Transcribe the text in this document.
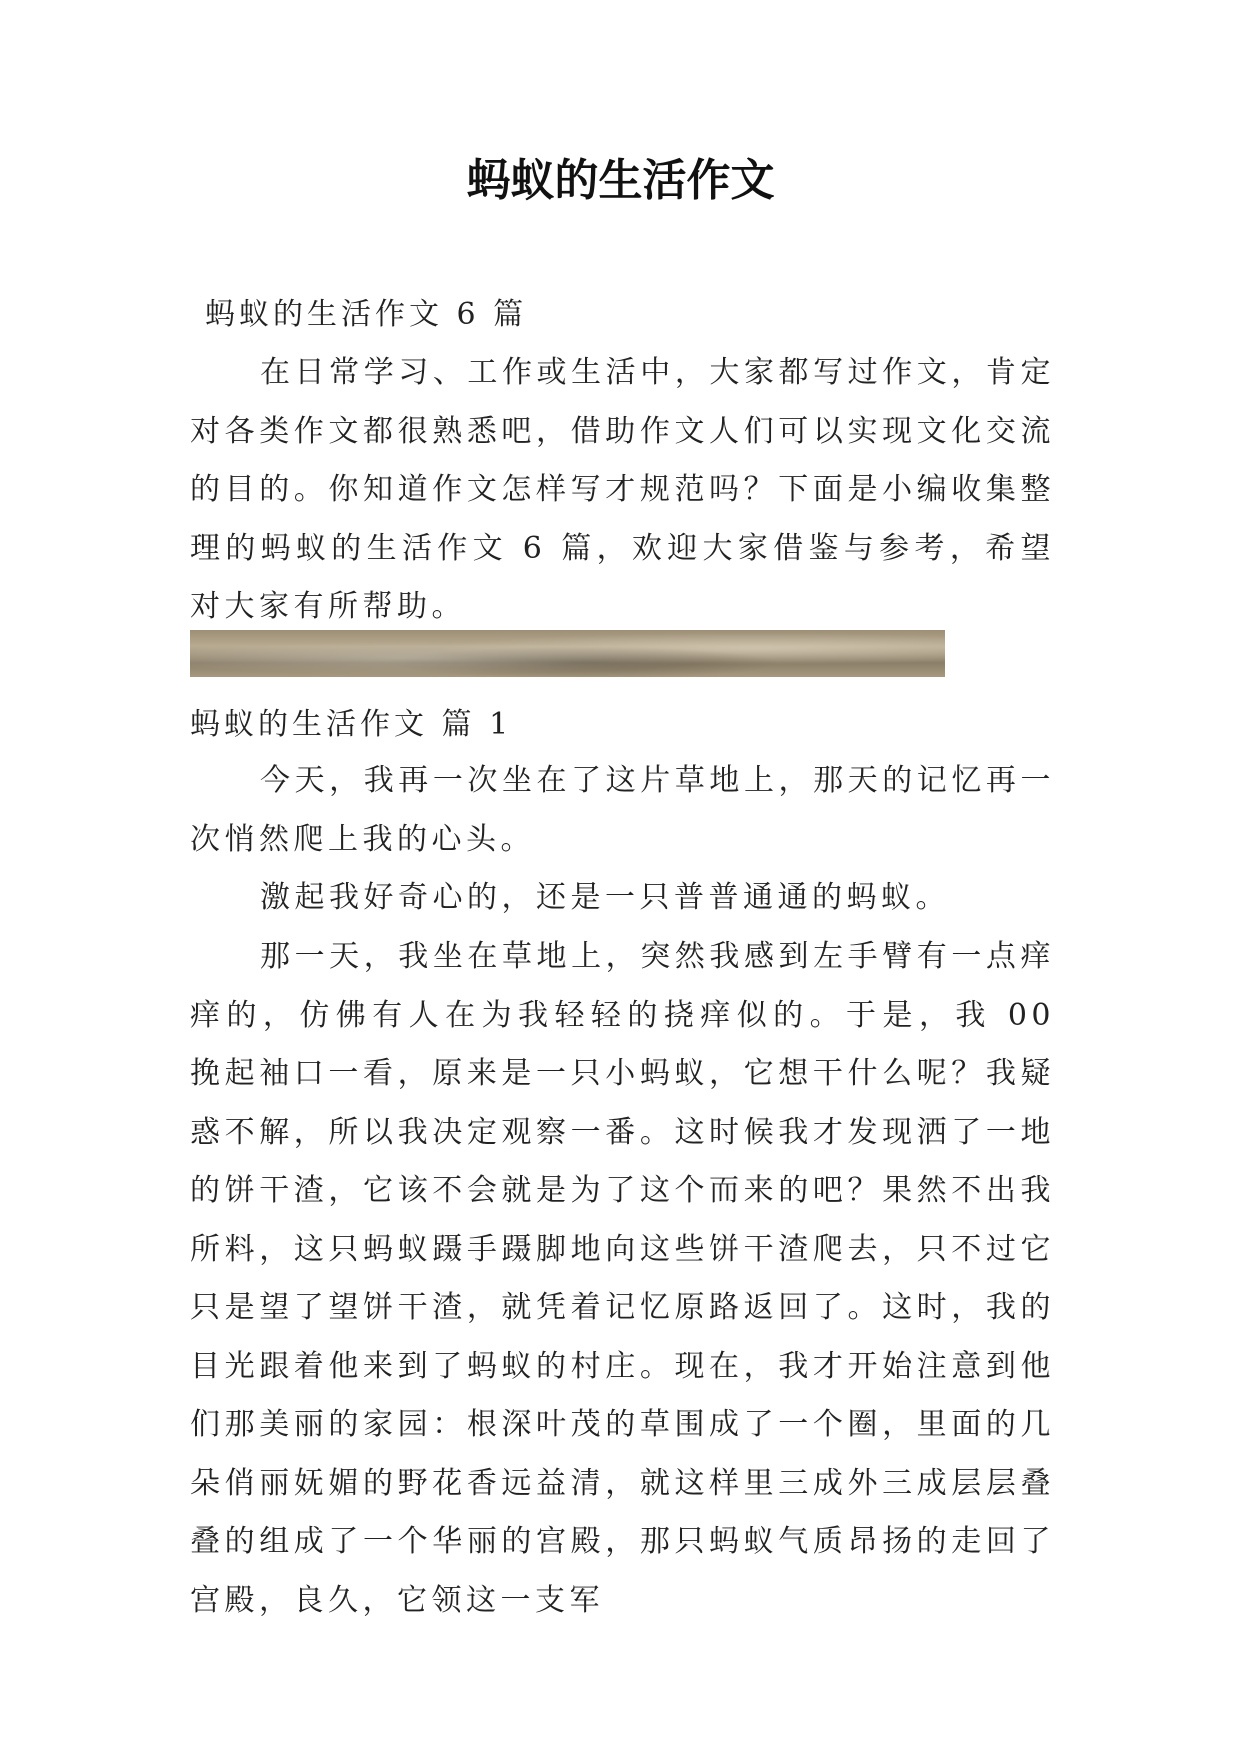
蚂蚁的生活作文

蚂蚁的生活作文 6 篇

在日常学习、工作或生活中，大家都写过作文，肯定对各类作文都很熟悉吧，借助作文人们可以实现文化交流的目的。你知道作文怎样写才规范吗？下面是小编收集整理的蚂蚁的生活作文 6 篇，欢迎大家借鉴与参考，希望对大家有所帮助。

蚂蚁的生活作文 篇 1

今天，我再一次坐在了这片草地上，那天的记忆再一次悄然爬上我的心头。

激起我好奇心的，还是一只普普通通的蚂蚁。

那一天，我坐在草地上，突然我感到左手臂有一点痒痒的，仿佛有人在为我轻轻的挠痒似的。于是，我 00 挽起袖口一看，原来是一只小蚂蚁，它想干什么呢？我疑惑不解，所以我决定观察一番。这时候我才发现洒了一地的饼干渣，它该不会就是为了这个而来的吧？果然不出我所料，这只蚂蚁蹑手蹑脚地向这些饼干渣爬去，只不过它只是望了望饼干渣，就凭着记忆原路返回了。这时，我的目光跟着他来到了蚂蚁的村庄。现在，我才开始注意到他们那美丽的家园：根深叶茂的草围成了一个圈，里面的几朵俏丽妩媚的野花香远益清，就这样里三成外三成层层叠叠的组成了一个华丽的宫殿，那只蚂蚁气质昂扬的走回了宫殿，良久，它领这一支军
